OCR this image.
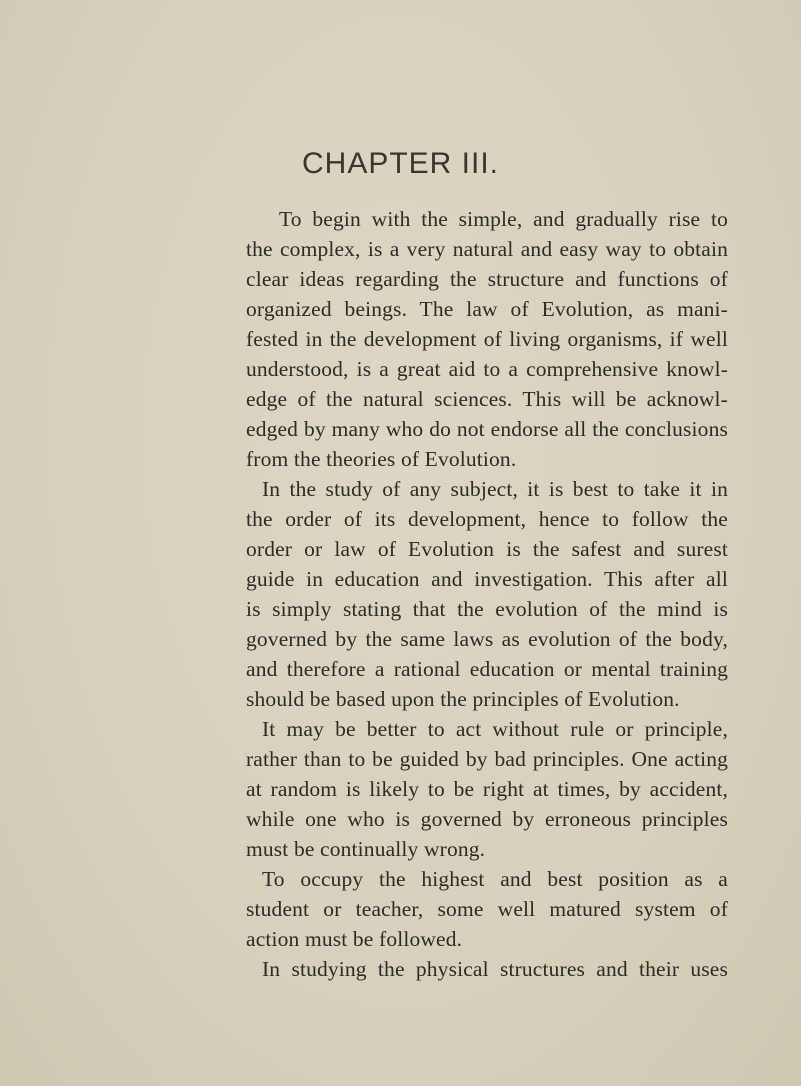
CHAPTER III.
To begin with the simple, and gradually rise to
the complex, is a very natural and easy way to obtain
clear ideas regarding the structure and functions of
organized beings. The law of Evolution, as mani-
fested in the development of living organisms, if well
understood, is a great aid to a comprehensive knowl-
edge of the natural sciences. This will be acknowl-
edged by many who do not endorse all the conclusions
from the theories of Evolution.
In the study of any subject, it is best to take it in
the order of its development, hence to follow the
order or law of Evolution is the safest and surest
guide in education and investigation. This after all
is simply stating that the evolution of the mind is
governed by the same laws as evolution of the body,
and therefore a rational education or mental training
should be based upon the principles of Evolution.
It may be better to act without rule or principle,
rather than to be guided by bad principles. One acting
at random is likely to be right at times, by accident,
while one who is governed by erroneous principles
must be continually wrong.
To occupy the highest and best position as a
student or teacher, some well matured system of
action must be followed.
In studying the physical structures and their uses
